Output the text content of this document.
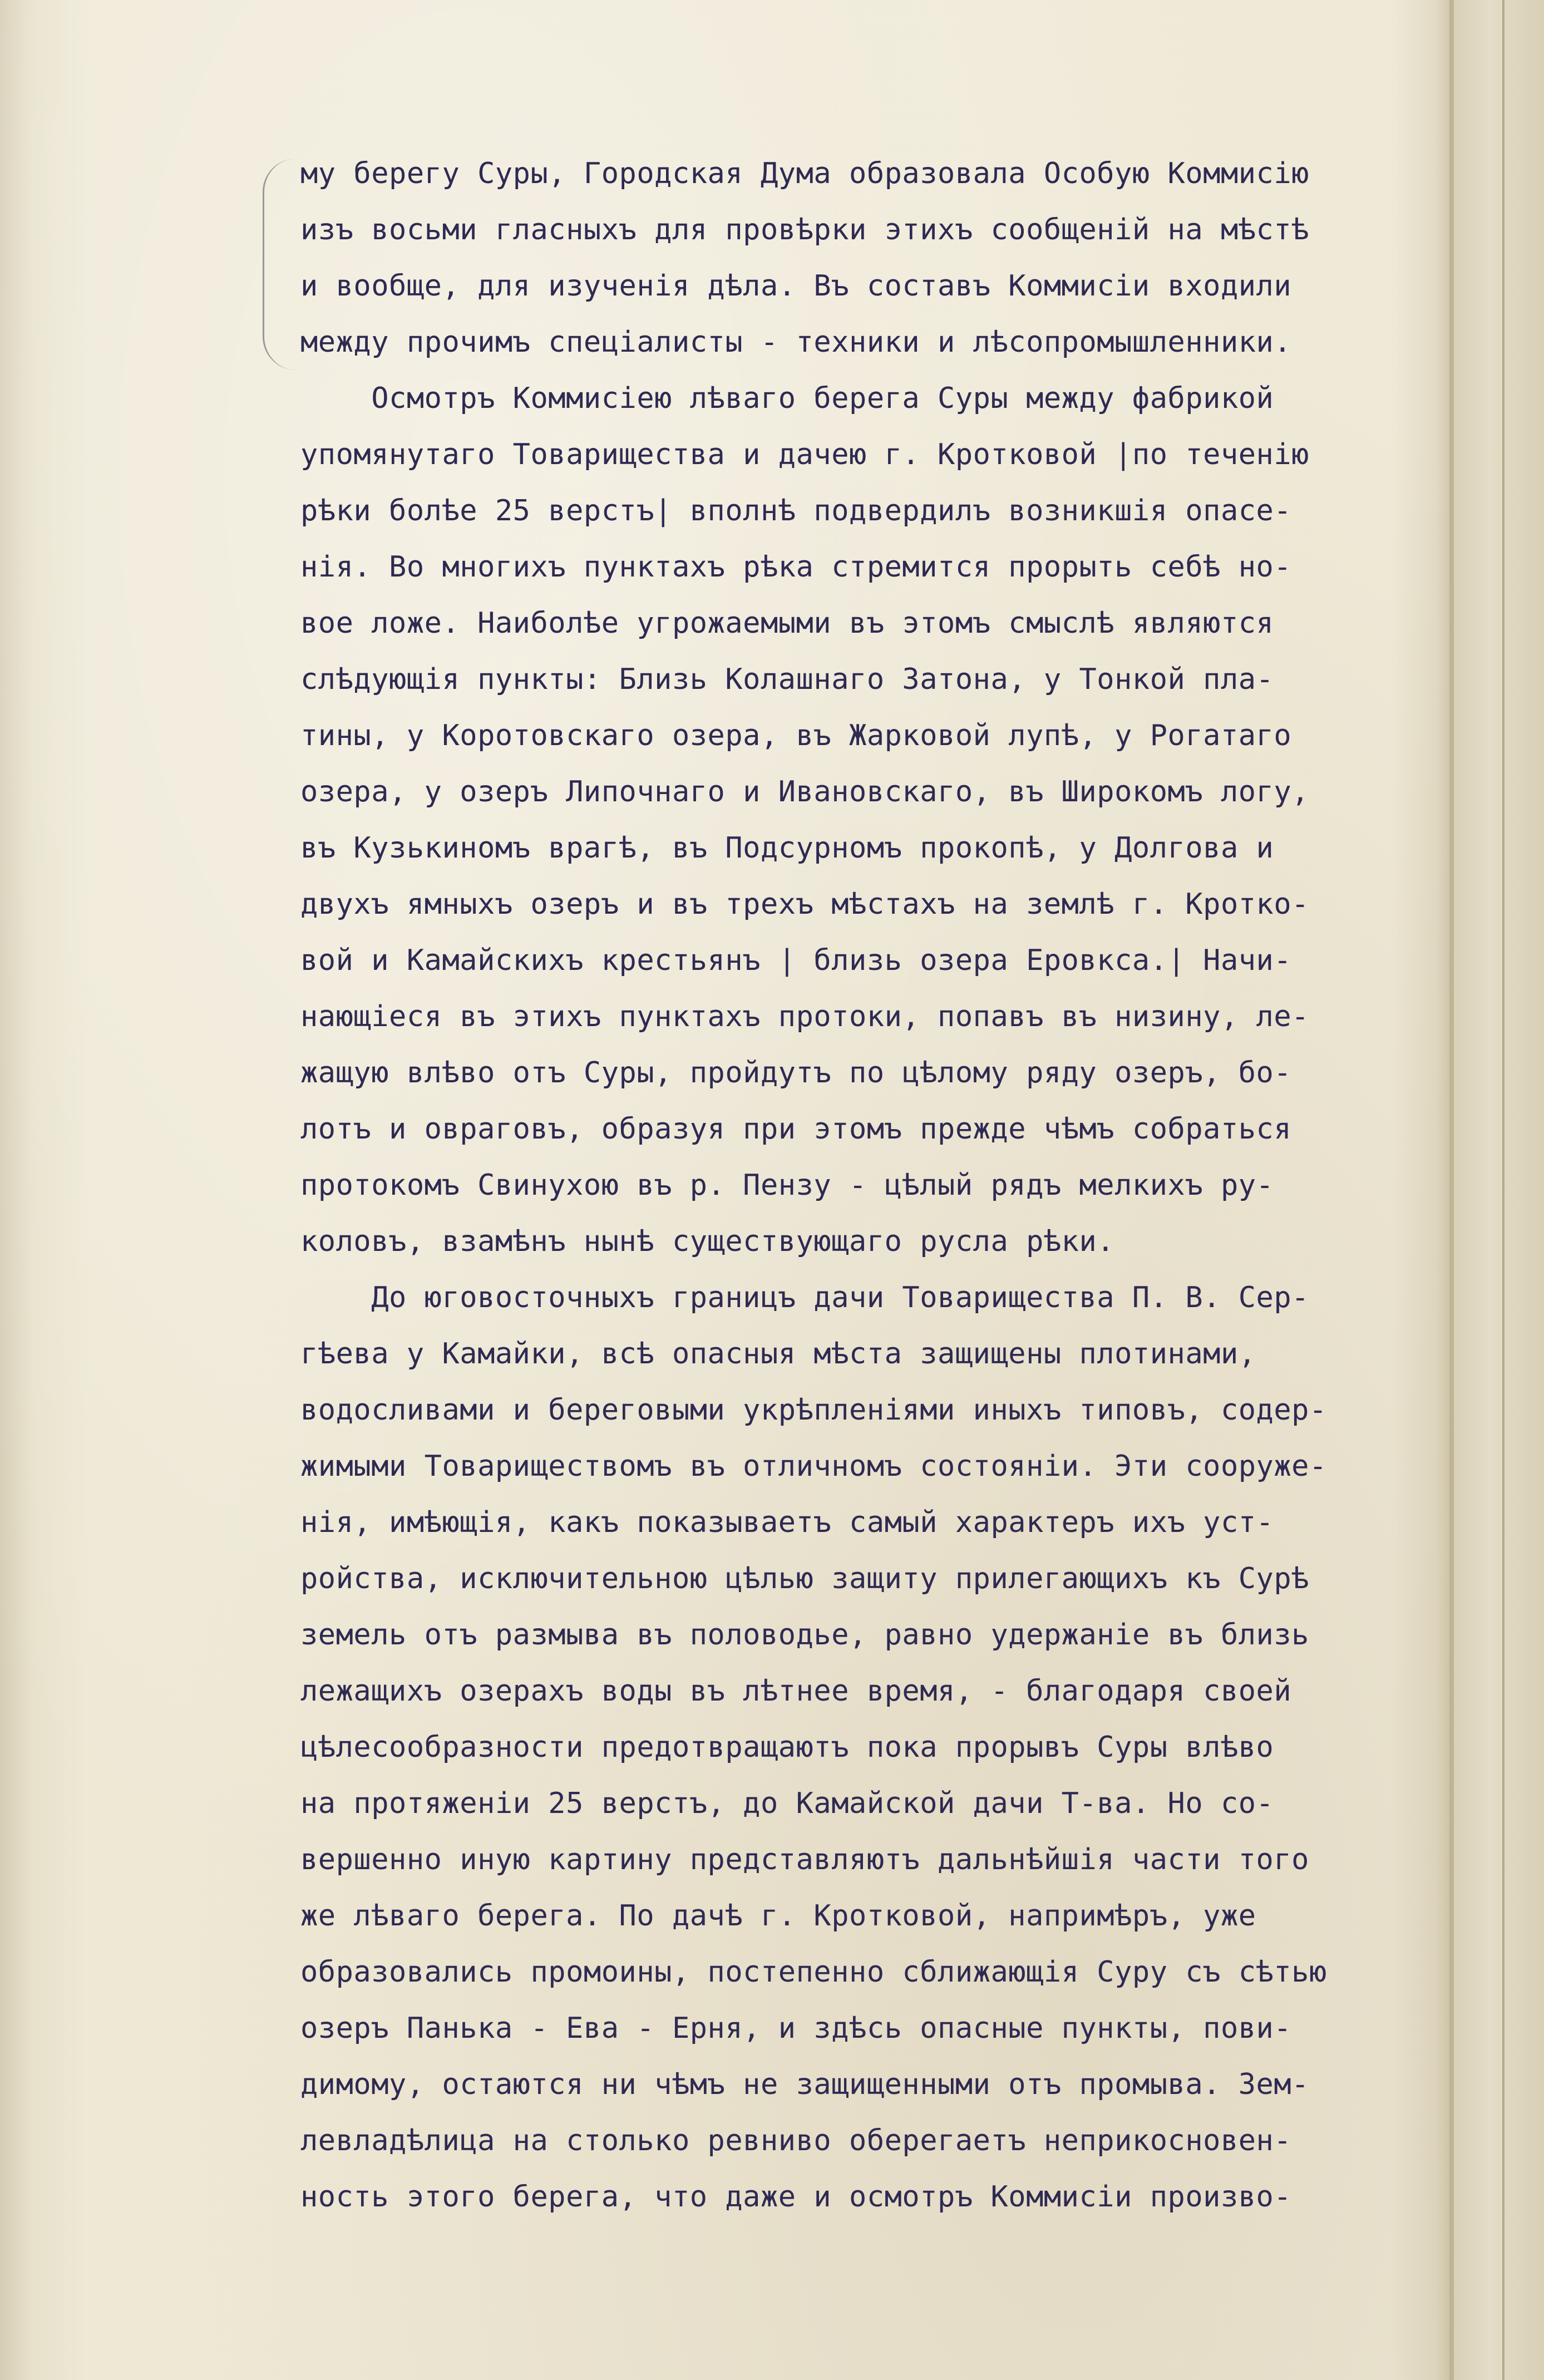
му берегу Суры, Городская Дума образовала Особую Коммисію
изъ восьми гласныхъ для провѣрки этихъ сообщеній на мѣстѣ
и вообще, для изученія дѣла. Въ составъ Коммисіи входили
между прочимъ спеціалисты - техники и лѣсопромышленники.
Осмотръ Коммисіею лѣваго берега Суры между фабрикой
упомянутаго Товарищества и дачею г. Кротковой |по теченію
рѣки болѣе 25 верстъ| вполнѣ подвердилъ возникшія опасе-
нія. Во многихъ пунктахъ рѣка стремится прорыть себѣ но-
вое ложе. Наиболѣе угрожаемыми въ этомъ смыслѣ являются
слѣдующія пункты: Близь Колашнаго Затона, у Тонкой пла-
тины, у Коротовскаго озера, въ Жарковой лупѣ, у Рогатаго
озера, у озеръ Липочнаго и Ивановскаго, въ Широкомъ логу,
въ Кузькиномъ врагѣ, въ Подсурномъ прокопѣ, у Долгова и
двухъ ямныхъ озеръ и въ трехъ мѣстахъ на землѣ г. Кротко-
вой и Камайскихъ крестьянъ | близь озера Еровкса.| Начи-
нающіеся въ этихъ пунктахъ протоки, попавъ въ низину, ле-
жащую влѣво отъ Суры, пройдутъ по цѣлому ряду озеръ, бо-
лотъ и овраговъ, образуя при этомъ прежде чѣмъ собраться
протокомъ Свинухою въ р. Пензу - цѣлый рядъ мелкихъ ру-
коловъ, взамѣнъ нынѣ существующаго русла рѣки.
До юговосточныхъ границъ дачи Товарищества П. В. Сер-
гѣева у Камайки, всѣ опасныя мѣста защищены плотинами,
водосливами и береговыми укрѣпленіями иныхъ типовъ, содер-
жимыми Товариществомъ въ отличномъ состояніи. Эти сооруже-
нія, имѣющія, какъ показываетъ самый характеръ ихъ уст-
ройства, исключительною цѣлью защиту прилегающихъ къ Сурѣ
земель отъ размыва въ половодье, равно удержаніе въ близь
лежащихъ озерахъ воды въ лѣтнее время, - благодаря своей
цѣлесообразности предотвращаютъ пока прорывъ Суры влѣво
на протяженіи 25 верстъ, до Камайской дачи Т-ва. Но со-
вершенно иную картину представляютъ дальнѣйшія части того
же лѣваго берега. По дачѣ г. Кротковой, напримѣръ, уже
образовались промоины, постепенно сближающія Суру съ сѣтью
озеръ Панька - Ева - Ерня, и здѣсь опасные пункты, пови-
димому, остаются ни чѣмъ не защищенными отъ промыва. Зем-
левладѣлица на столько ревниво оберегаетъ неприкосновен-
ность этого берега, что даже и осмотръ Коммисіи произво-
